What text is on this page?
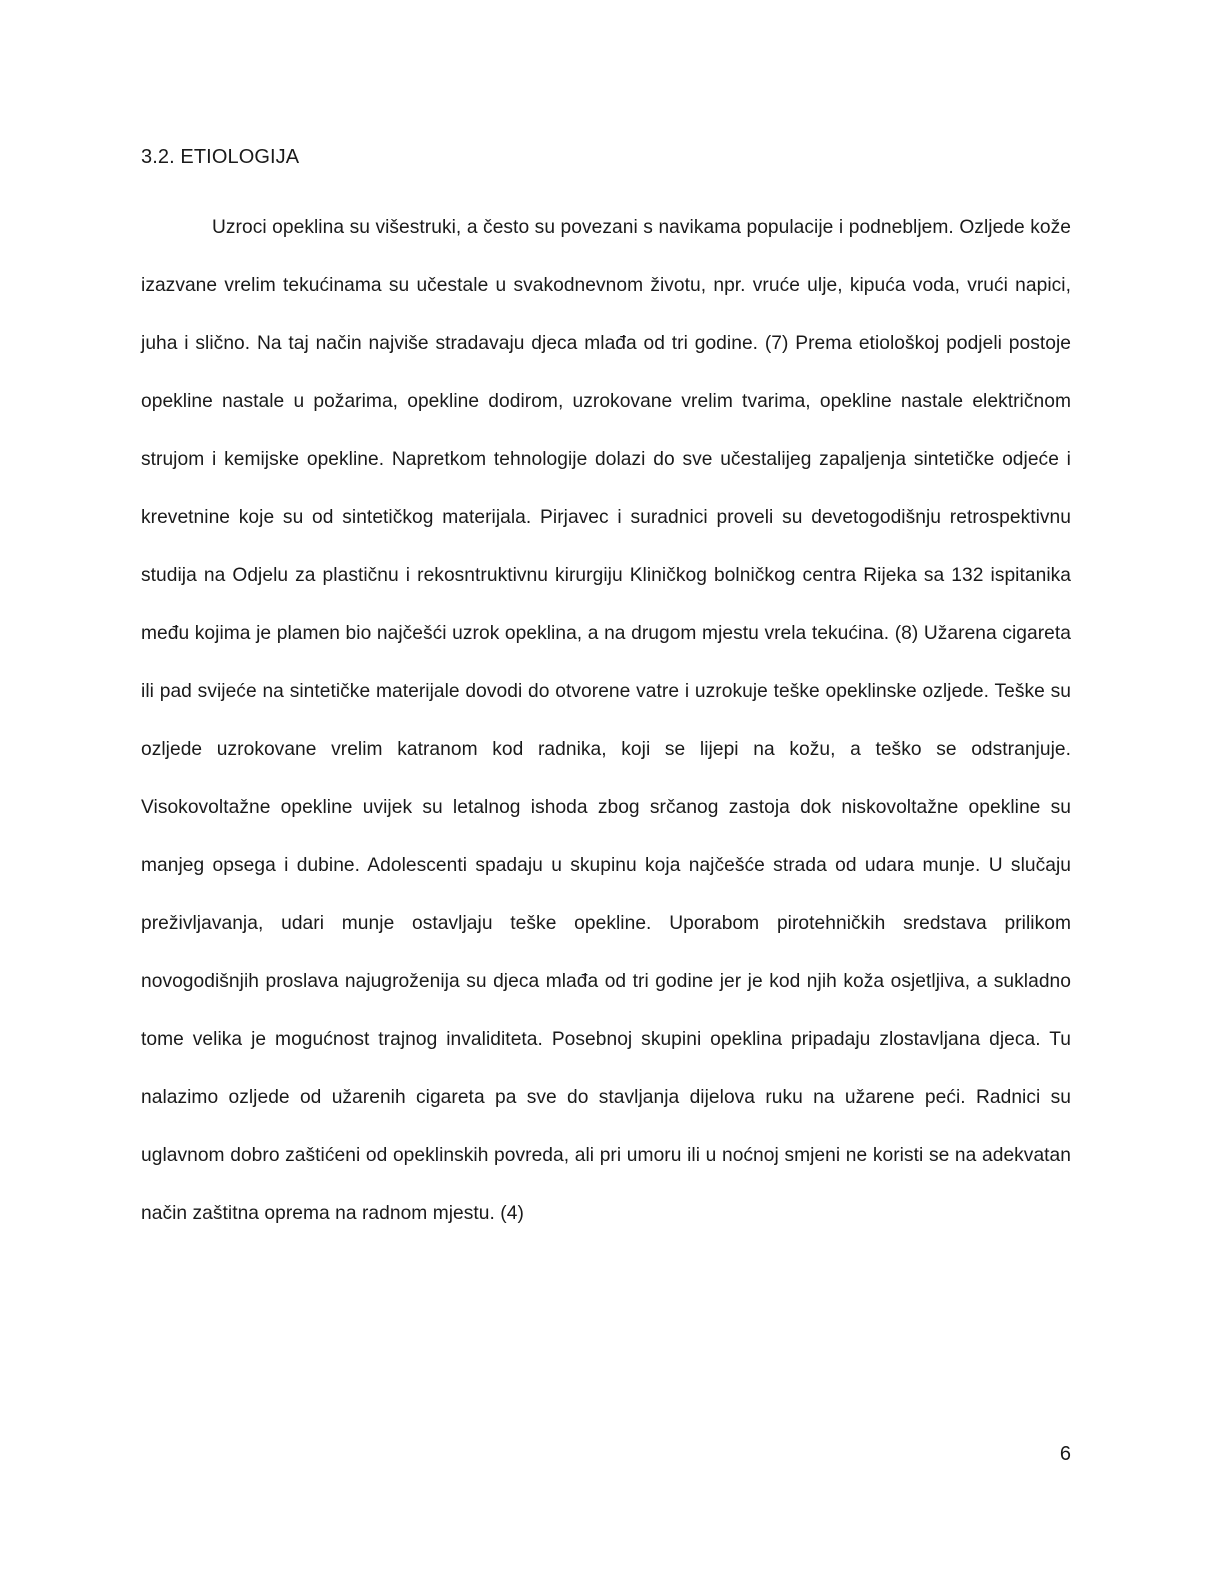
3.2. ETIOLOGIJA

Uzroci opeklina su višestruki, a često su povezani s navikama populacije i podnebljem. Ozljede kože izazvane vrelim tekućinama su učestale u svakodnevnom životu, npr. vruće ulje, kipuća voda, vrući napici, juha i slično. Na taj način najviše stradavaju djeca mlađa od tri godine. (7) Prema etiološkoj podjeli postoje opekline nastale u požarima, opekline dodirom, uzrokovane vrelim tvarima, opekline nastale električnom strujom i kemijske opekline. Napretkom tehnologije dolazi do sve učestalijeg zapaljenja sintetičke odjeće i krevetnine koje su od sintetičkog materijala. Pirjavec i suradnici proveli su devetogodišnju retrospektivnu studija na Odjelu za plastičnu i rekosntruktivnu kirurgiju Kliničkog bolničkog centra Rijeka sa 132 ispitanika među kojima je plamen bio najčešći uzrok opeklina, a na drugom mjestu vrela tekućina. (8) Užarena cigareta ili pad svijeće na sintetičke materijale dovodi do otvorene vatre i uzrokuje teške opeklinske ozljede. Teške su ozljede uzrokovane vrelim katranom kod radnika, koji se lijepi na kožu, a teško se odstranjuje. Visokovoltažne opekline uvijek su letalnog ishoda zbog srčanog zastoja dok niskovoltažne opekline su manjeg opsega i dubine. Adolescenti spadaju u skupinu koja najčešće strada od udara munje. U slučaju preživljavanja, udari munje ostavljaju teške opekline. Uporabom pirotehničkih sredstava prilikom novogodišnjih proslava najugroženija su djeca mlađa od tri godine jer je kod njih koža osjetljiva, a sukladno tome velika je mogućnost trajnog invaliditeta. Posebnoj skupini opeklina pripadaju zlostavljana djeca. Tu nalazimo ozljede od užarenih cigareta pa sve do stavljanja dijelova ruku na užarene peći. Radnici su uglavnom dobro zaštićeni od opeklinskih povreda, ali pri umoru ili u noćnoj smjeni ne koristi se na adekvatan način zaštitna oprema na radnom mjestu. (4)

6
